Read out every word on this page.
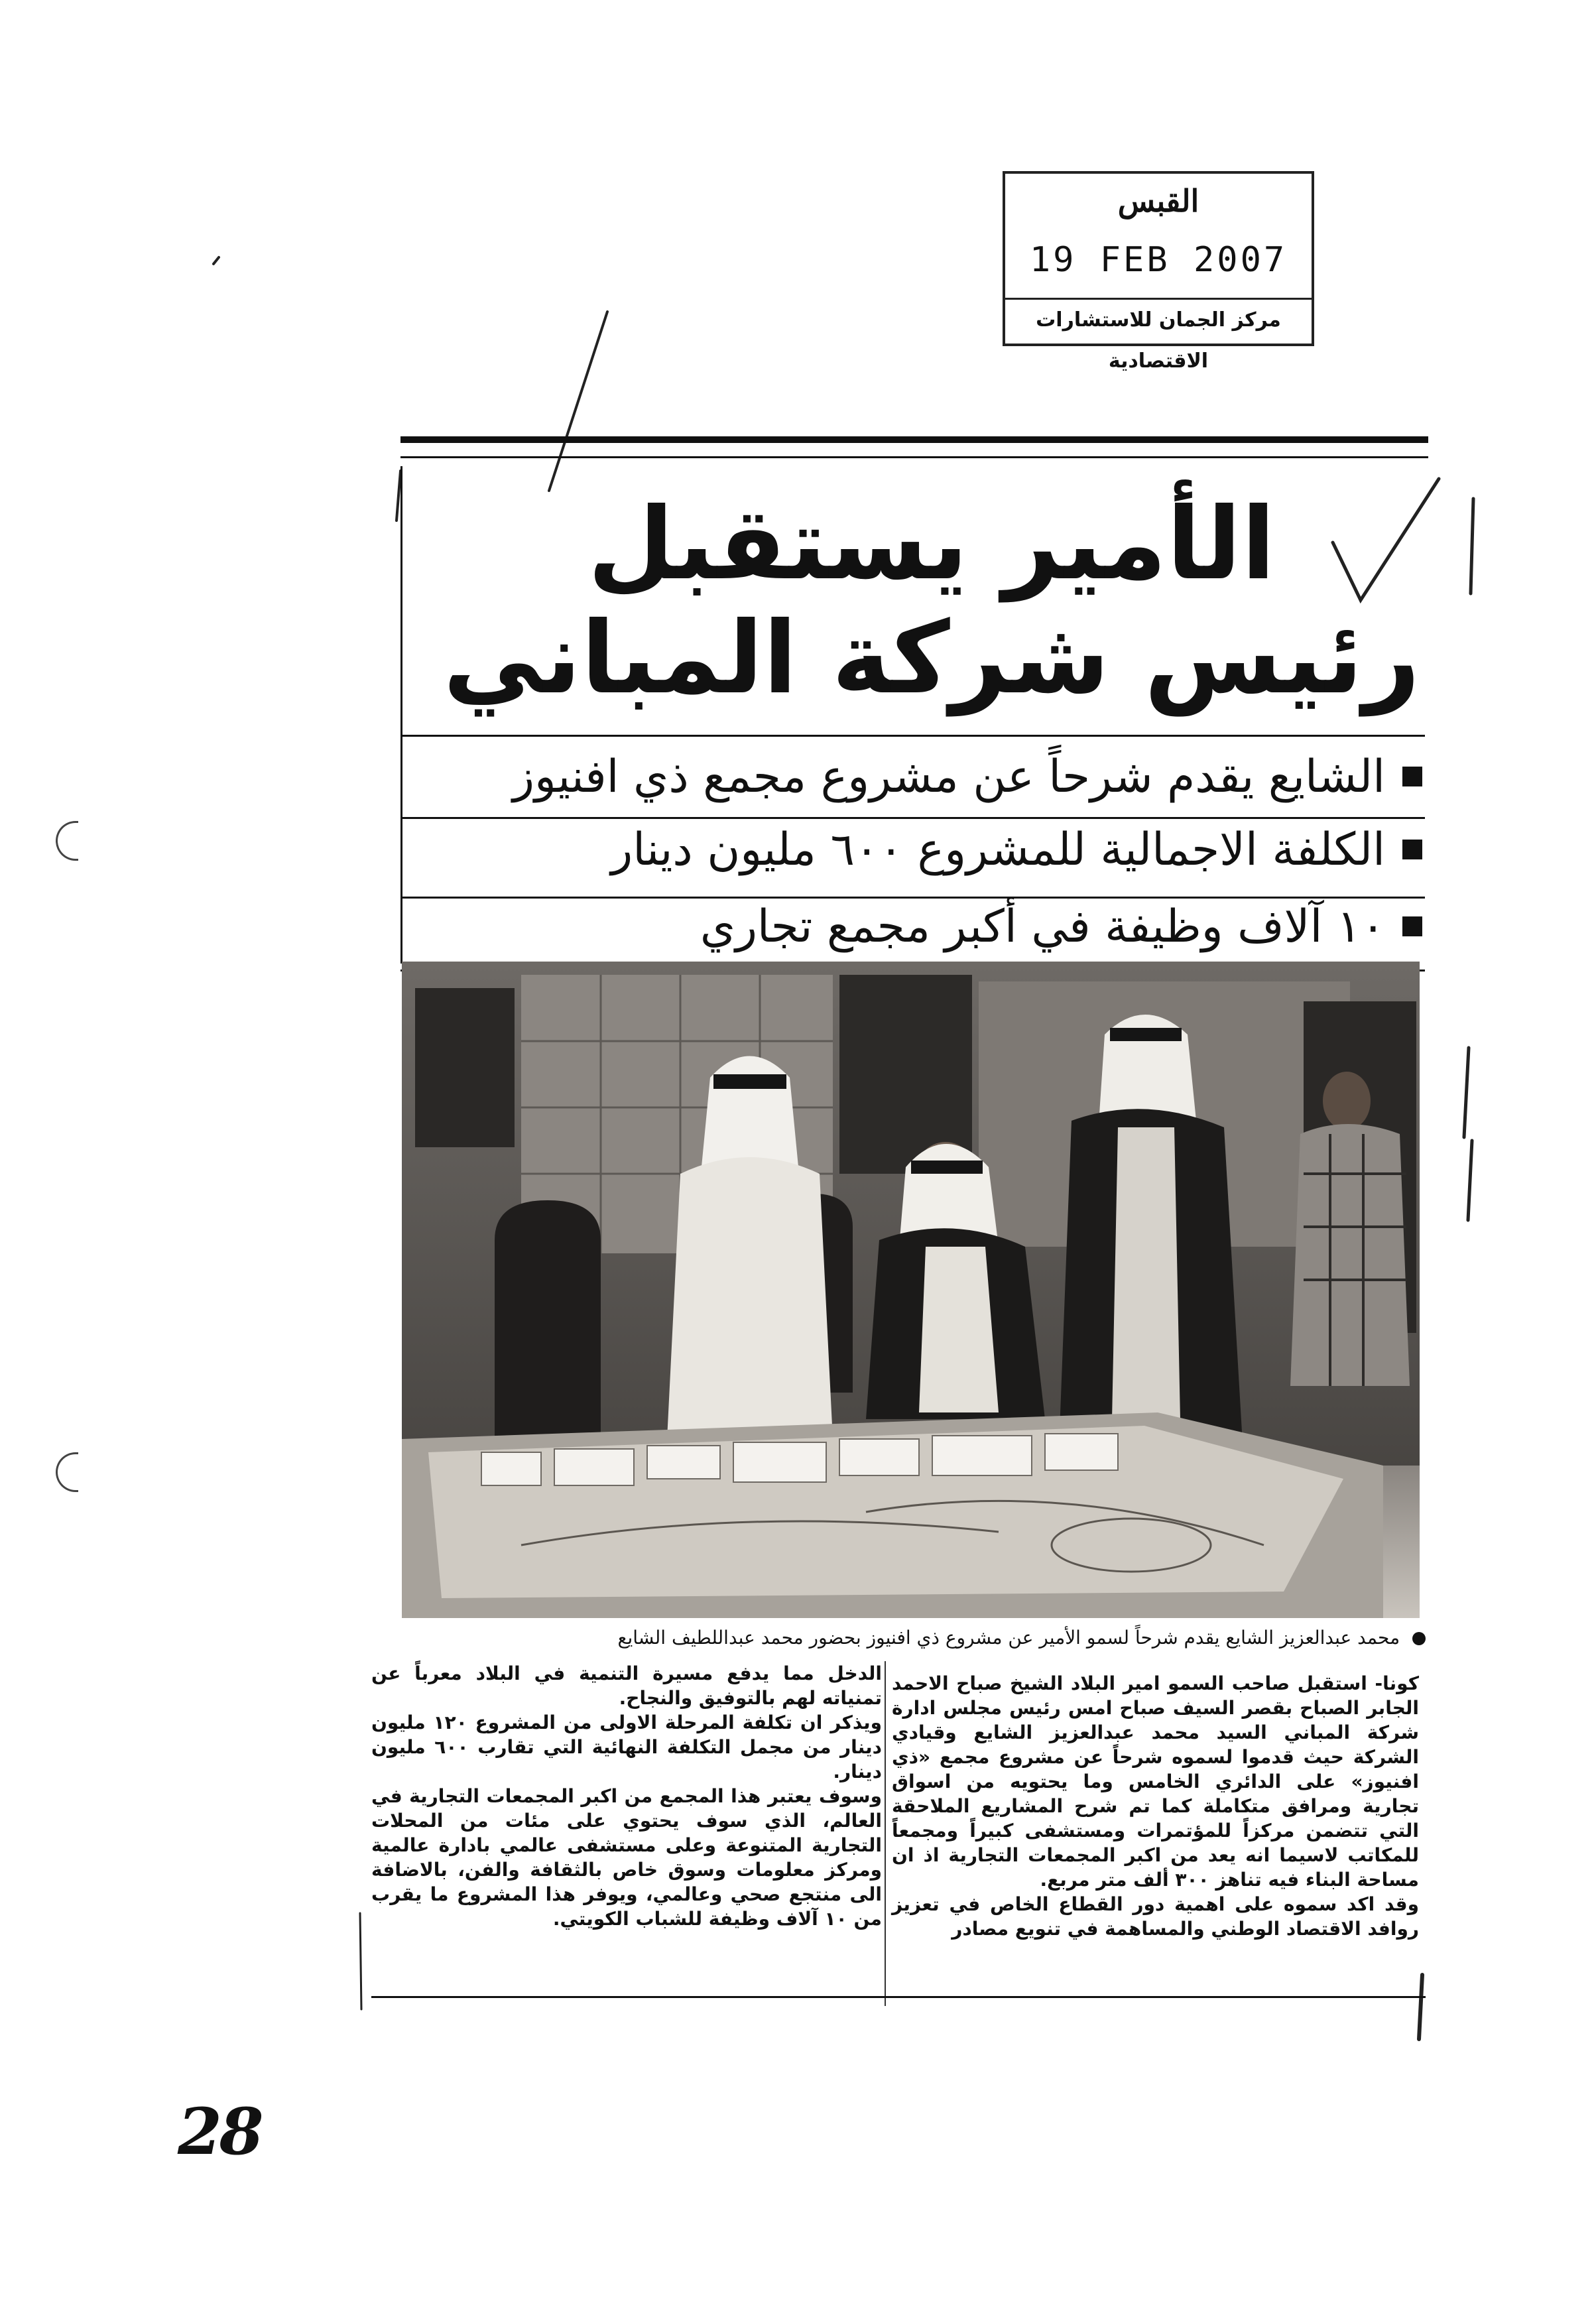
القبس
19 FEB 2007
مركز الجمان للاستشارات الاقتصادية
الأمير يستقبل
رئيس شركة المباني
الشايع يقدم شرحاً عن مشروع مجمع ذي افنيوز
الكلفة الاجمالية للمشروع ٦٠٠ مليون دينار
١٠ آلاف وظيفة في أكبر مجمع تجاري
محمد عبدالعزيز الشايع يقدم شرحاً لسمو الأمير عن مشروع ذي افنيوز بحضور محمد عبداللطيف الشايع
كونا- استقبل صاحب السمو امير البلاد الشيخ صباح الاحمد الجابر الصباح بقصر السيف صباح امس رئيس مجلس ادارة شركة المباني السيد محمد عبدالعزيز الشايع وقيادي الشركة حيث قدموا لسموه شرحاً عن مشروع مجمع «ذي افنيوز» على الدائري الخامس وما يحتويه من اسواق تجارية ومرافق متكاملة كما تم شرح المشاريع الملاحقة التي تتضمن مركزاً للمؤتمرات ومستشفى كبيراً ومجمعاً للمكاتب لاسيما انه يعد من اكبر المجمعات التجارية اذ ان مساحة البناء فيه تناهز ٣٠٠ ألف متر مربع.
وقد اكد سموه على اهمية دور القطاع الخاص في تعزيز روافد الاقتصاد الوطني والمساهمة في تنويع مصادر
الدخل مما يدفع مسيرة التنمية في البلاد معرباً عن تمنياته لهم بالتوفيق والنجاح.
ويذكر ان تكلفة المرحلة الاولى من المشروع ١٢٠ مليون دينار من مجمل التكلفة النهائية التي تقارب ٦٠٠ مليون دينار.
وسوف يعتبر هذا المجمع من اكبر المجمعات التجارية في العالم، الذي سوف يحتوي على مئات من المحلات التجارية المتنوعة وعلى مستشفى عالمي بادارة عالمية ومركز معلومات وسوق خاص بالثقافة والفن، بالاضافة الى منتجع صحي وعالمي، ويوفر هذا المشروع ما يقرب من ١٠ آلاف وظيفة للشباب الكويتي.
28
